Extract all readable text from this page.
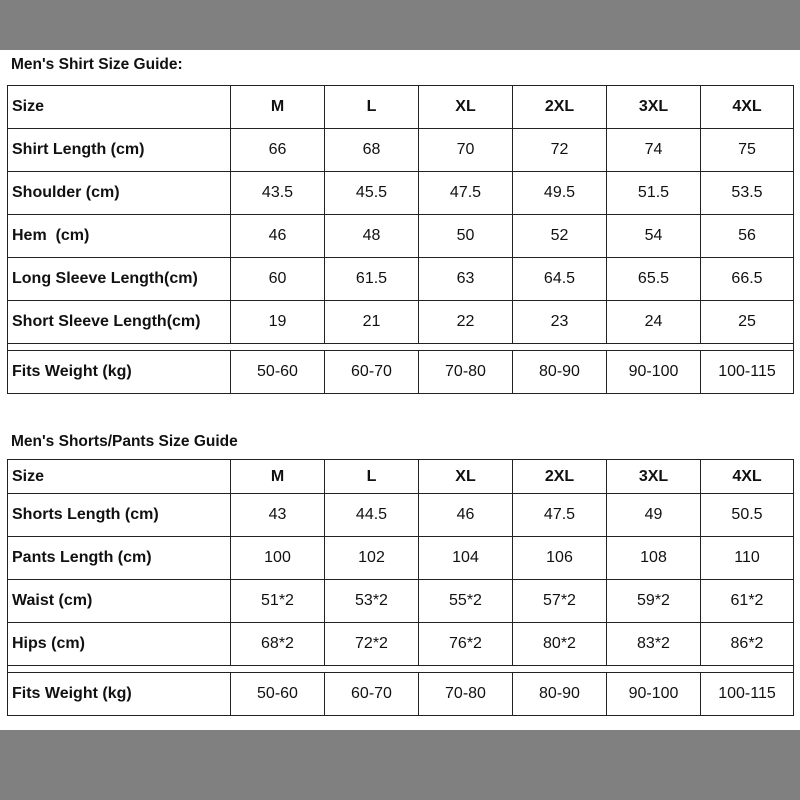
Men's Shirt Size Guide:
Size	M	L	XL	2XL	3XL	4XL
Shirt Length (cm)	66	68	70	72	74	75
Shoulder (cm)	43.5	45.5	47.5	49.5	51.5	53.5
Hem  (cm)	46	48	50	52	54	56
Long Sleeve Length(cm)	60	61.5	63	64.5	65.5	66.5
Short Sleeve Length(cm)	19	21	22	23	24	25

Fits Weight (kg)	50-60	60-70	70-80	80-90	90-100	100-115
Men's Shorts/Pants Size Guide
Size	M	L	XL	2XL	3XL	4XL
Shorts Length (cm)	43	44.5	46	47.5	49	50.5
Pants Length (cm)	100	102	104	106	108	110
Waist (cm)	51*2	53*2	55*2	57*2	59*2	61*2
Hips (cm)	68*2	72*2	76*2	80*2	83*2	86*2

Fits Weight (kg)	50-60	60-70	70-80	80-90	90-100	100-115
